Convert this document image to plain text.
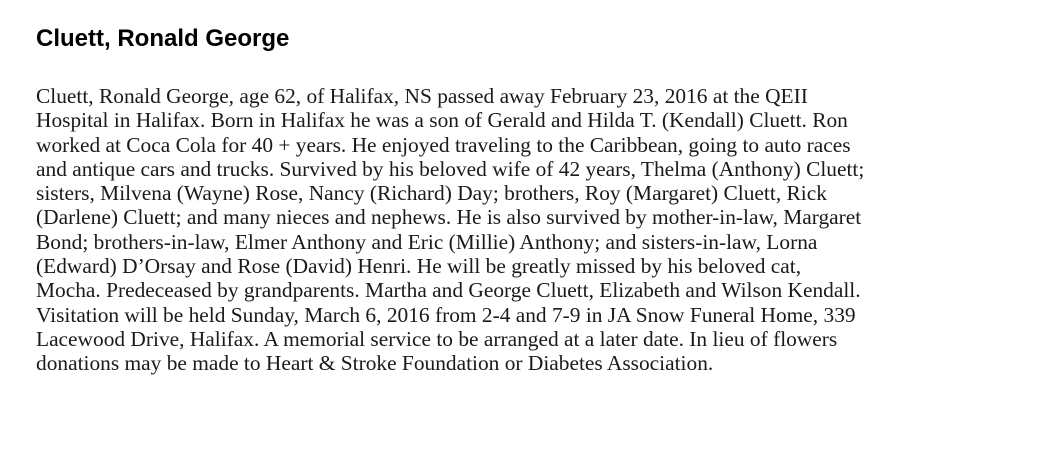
Cluett, Ronald George

Cluett, Ronald George, age 62, of Halifax, NS passed away February 23, 2016 at the QEII
Hospital in Halifax. Born in Halifax he was a son of Gerald and Hilda T. (Kendall) Cluett. Ron
worked at Coca Cola for 40 + years. He enjoyed traveling to the Caribbean, going to auto races
and antique cars and trucks. Survived by his beloved wife of 42 years, Thelma (Anthony) Cluett;
sisters, Milvena (Wayne) Rose, Nancy (Richard) Day; brothers, Roy (Margaret) Cluett, Rick
(Darlene) Cluett; and many nieces and nephews. He is also survived by mother-in-law, Margaret
Bond; brothers-in-law, Elmer Anthony and Eric (Millie) Anthony; and sisters-in-law, Lorna
(Edward) D’Orsay and Rose (David) Henri. He will be greatly missed by his beloved cat,
Mocha. Predeceased by grandparents. Martha and George Cluett, Elizabeth and Wilson Kendall.
Visitation will be held Sunday, March 6, 2016 from 2-4 and 7-9 in JA Snow Funeral Home, 339
Lacewood Drive, Halifax. A memorial service to be arranged at a later date. In lieu of flowers
donations may be made to Heart & Stroke Foundation or Diabetes Association.
